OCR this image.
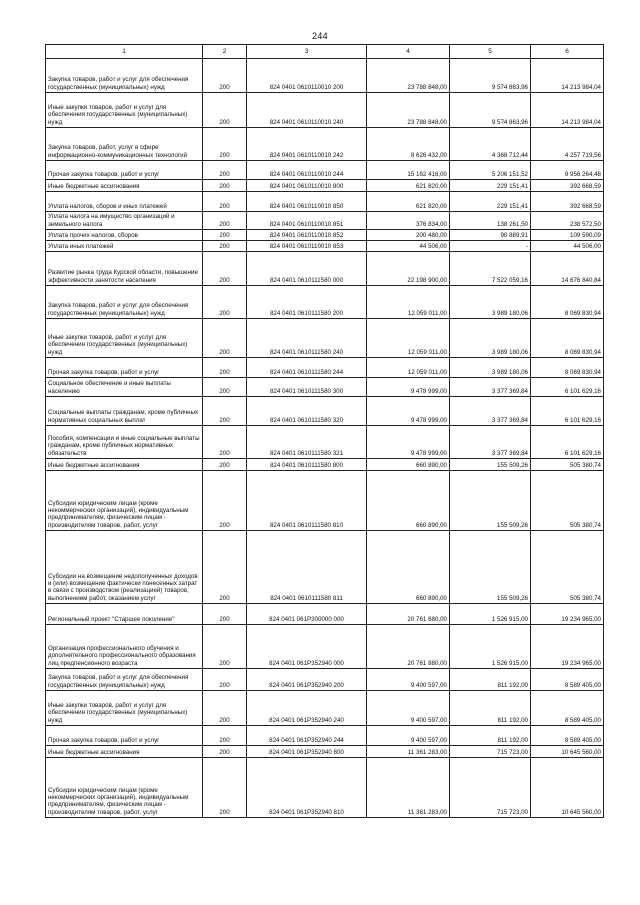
244
1	2	3	4	5	6
Закупка товаров, работ и услуг для обеспечения государственных (муниципальных) нужд	200	824 0401 0610110010 200	23 788 848,00	9 574 863,96	14 213 984,04
Иные закупки товаров, работ и услуг для обеспечения государственных (муниципальных) нужд	200	824 0401 0610110010 240	23 788 848,00	9 574 863,96	14 213 984,04
Закупка товаров, работ, услуг в сфере информационно-коммуникационных технологий	200	824 0401 0610110010 242	8 626 432,00	4 368 712,44	4 257 719,56
Прочая закупка товаров, работ и услуг	200	824 0401 0610110010 244	15 162 416,00	5 206 151,52	9 956 264,48
Иные бюджетные ассигнования	200	824 0401 0610110010 800	621 820,00	229 151,41	392 668,59
Уплата налогов, сборов и иных платежей	200	824 0401 0610110010 850	621 820,00	229 151,41	392 668,59
Уплата налога на имущество организаций и земельного налога	200	824 0401 0610110010 851	376 834,00	138 261,50	238 572,50
Уплата прочих налогов, сборов	200	824 0401 0610110010 852	200 480,00	90 889,91	109 590,09
Уплата иных платежей	200	824 0401 0610110010 853	44 506,00	-	44 506,00
Развитие рынка труда Курской области, повышение эффективности занятости населения	200	824 0401 0610111580 000	22 198 900,00	7 522 059,16	14 676 840,84
Закупка товаров, работ и услуг для обеспечения государственных (муниципальных) нужд	200	824 0401 0610111580 200	12 059 011,00	3 989 180,06	8 069 830,94
Иные закупки товаров, работ и услуг для обеспечения государственных (муниципальных) нужд	200	824 0401 0610111580 240	12 059 011,00	3 989 180,06	8 069 830,94
Прочая закупка товаров, работ и услуг	200	824 0401 0610111580 244	12 059 011,00	3 989 180,06	8 069 830,94
Социальное обеспечение и иные выплаты населению	200	824 0401 0610111580 300	9 478 999,00	3 377 369,84	6 101 629,16
Социальные выплаты гражданам, кроме публичных нормативных социальных выплат	200	824 0401 0610111580 320	9 478 999,00	3 377 369,84	6 101 629,16
Пособия, компенсации и иные социальные выплаты гражданам, кроме публичных нормативных обязательств	200	824 0401 0610111580 321	9 478 999,00	3 377 369,84	6 101 629,16
Иные бюджетные ассигнования	200	824 0401 0610111580 800	660 890,00	155 509,26	505 380,74
Субсидии юридическим лицам (кроме некоммерческих организаций), индивидуальным предпринимателям, физическим лицам - производителям товаров, работ, услуг	200	824 0401 0610111580 810	660 890,00	155 509,26	505 380,74
Субсидии на возмещение недополученных доходов и (или) возмещение фактически понесенных затрат в связи с производством (реализацией) товаров, выполнением работ, оказанием услуг	200	824 0401 0610111580 811	660 890,00	155 509,26	505 380,74
Региональный проект "Старшее поколение"	200	824 0401 061P300000 000	20 761 880,00	1 526 915,00	19 234 965,00
Организация профессионального обучения и дополнительного профессионального образования лиц предпенсионного возраста	200	824 0401 061P352940 000	20 761 880,00	1 526 915,00	19 234 965,00
Закупка товаров, работ и услуг для обеспечения государственных (муниципальных) нужд	200	824 0401 061P352940 200	9 400 597,00	811 192,00	8 589 405,00
Иные закупки товаров, работ и услуг для обеспечения государственных (муниципальных) нужд	200	824 0401 061P352940 240	9 400 597,00	811 192,00	8 589 405,00
Прочая закупка товаров, работ и услуг	200	824 0401 061P352940 244	9 400 597,00	811 192,00	8 589 405,00
Иные бюджетные ассигнования	200	824 0401 061P352940 800	11 361 283,00	715 723,00	10 645 560,00
Субсидии юридическим лицам (кроме некоммерческих организаций), индивидуальным предпринимателям, физическим лицам - производителям товаров, работ, услуг	200	824 0401 061P352940 810	11 361 283,00	715 723,00	10 645 560,00
